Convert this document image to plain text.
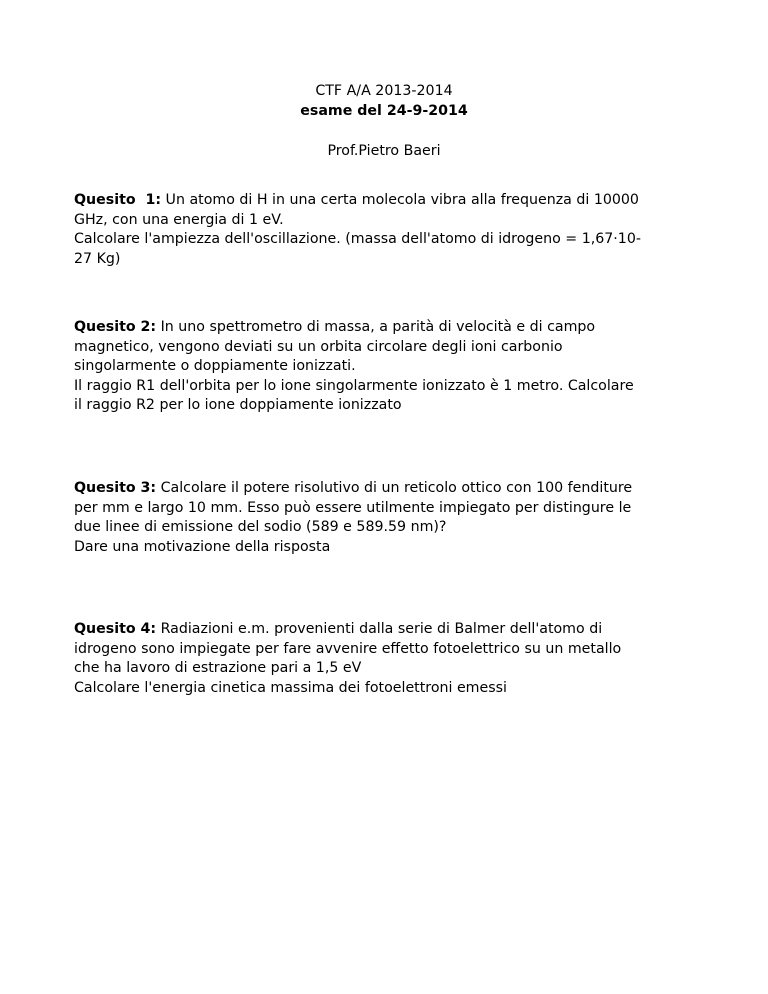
CTF A/A 2013-2014
esame del 24-9-2014
Prof.Pietro Baeri
Quesito  1: Un atomo di H in una certa molecola vibra alla frequenza di 10000
GHz, con una energia di 1 eV.
Calcolare l'ampiezza dell'oscillazione. (massa dell'atomo di idrogeno = 1,67·10-
27 Kg)
Quesito 2: In uno spettrometro di massa, a parità di velocità e di campo
magnetico, vengono deviati su un orbita circolare degli ioni carbonio
singolarmente o doppiamente ionizzati.
Il raggio R1 dell'orbita per lo ione singolarmente ionizzato è 1 metro. Calcolare
il raggio R2 per lo ione doppiamente ionizzato
Quesito 3: Calcolare il potere risolutivo di un reticolo ottico con 100 fenditure
per mm e largo 10 mm. Esso può essere utilmente impiegato per distingure le
due linee di emissione del sodio (589 e 589.59 nm)?
Dare una motivazione della risposta
Quesito 4: Radiazioni e.m. provenienti dalla serie di Balmer dell'atomo di
idrogeno sono impiegate per fare avvenire effetto fotoelettrico su un metallo
che ha lavoro di estrazione pari a 1,5 eV
Calcolare l'energia cinetica massima dei fotoelettroni emessi
